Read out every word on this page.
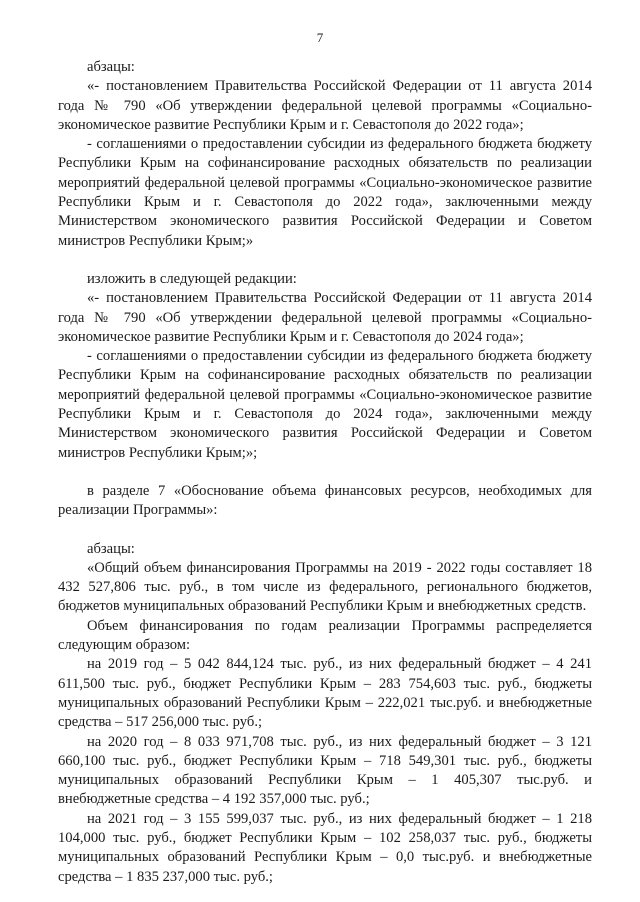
7

абзацы:

«- постановлением Правительства Российской Федерации от 11 августа 2014 года № 790 «Об утверждении федеральной целевой программы «Социально-экономическое развитие Республики Крым и г. Севастополя до 2022 года»;

- соглашениями о предоставлении субсидии из федерального бюджета бюджету Республики Крым на софинансирование расходных обязательств по реализации мероприятий федеральной целевой программы «Социально-экономическое развитие Республики Крым и г. Севастополя до 2022 года», заключенными между Министерством экономического развития Российской Федерации и Советом министров Республики Крым;»

изложить в следующей редакции:

«- постановлением Правительства Российской Федерации от 11 августа 2014 года № 790 «Об утверждении федеральной целевой программы «Социально-экономическое развитие Республики Крым и г. Севастополя до 2024 года»;

- соглашениями о предоставлении субсидии из федерального бюджета бюджету Республики Крым на софинансирование расходных обязательств по реализации мероприятий федеральной целевой программы «Социально-экономическое развитие Республики Крым и г. Севастополя до 2024 года», заключенными между Министерством экономического развития Российской Федерации и Советом министров Республики Крым;»;

в разделе 7 «Обоснование объема финансовых ресурсов, необходимых для реализации Программы»:

абзацы:

«Общий объем финансирования Программы на 2019 - 2022 годы составляет 18 432 527,806 тыс. руб., в том числе из федерального, регионального бюджетов, бюджетов муниципальных образований Республики Крым и внебюджетных средств.

Объем финансирования по годам реализации Программы распределяется следующим образом:

на 2019 год – 5 042 844,124 тыс. руб., из них федеральный бюджет – 4 241 611,500 тыс. руб., бюджет Республики Крым – 283 754,603 тыс. руб., бюджеты муниципальных образований Республики Крым – 222,021 тыс.руб. и внебюджетные средства – 517 256,000 тыс. руб.;

на 2020 год – 8 033 971,708 тыс. руб., из них федеральный бюджет – 3 121 660,100 тыс. руб., бюджет Республики Крым – 718 549,301 тыс. руб., бюджеты муниципальных образований Республики Крым – 1 405,307 тыс.руб. и внебюджетные средства – 4 192 357,000 тыс. руб.;

на 2021 год – 3 155 599,037 тыс. руб., из них федеральный бюджет – 1 218 104,000 тыс. руб., бюджет Республики Крым – 102 258,037 тыс. руб., бюджеты муниципальных образований Республики Крым – 0,0 тыс.руб. и внебюджетные средства – 1 835 237,000 тыс. руб.;
